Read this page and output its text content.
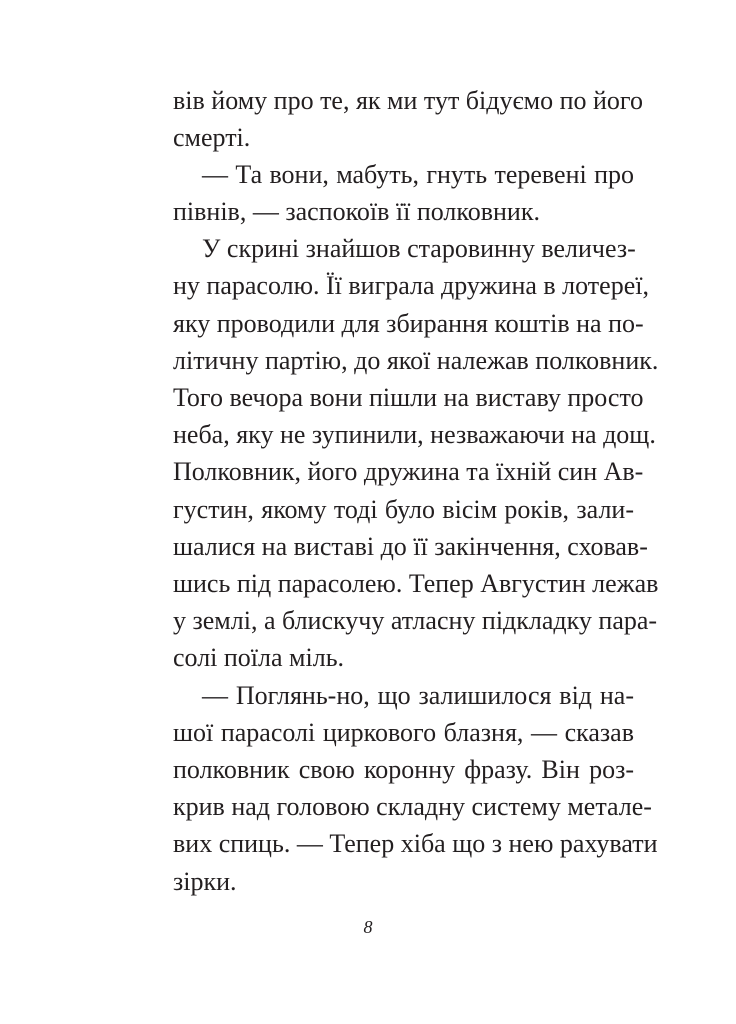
вів йому про те, як ми тут бідуємо по його
смерті.
— Та вони, мабуть, гнуть теревені про
півнів, — заспокоїв її полковник.
У скрині знайшов старовинну величез-
ну парасолю. Її виграла дружина в лотереї,
яку проводили для збирання коштів на по-
літичну партію, до якої належав полковник.
Того вечора вони пішли на виставу просто
неба, яку не зупинили, незважаючи на дощ.
Полковник, його дружина та їхній син Ав-
густин, якому тоді було вісім років, зали-
шалися на виставі до її закінчення, сховав-
шись під парасолею. Тепер Августин лежав
у землі, а блискучу атласну підкладку пара-
солі поїла міль.
— Поглянь-но, що залишилося від на-
шої парасолі циркового блазня, — сказав
полковник свою коронну фразу. Він роз-
крив над головою складну систему метале-
вих спиць. — Тепер хіба що з нею рахувати
зірки.
8
